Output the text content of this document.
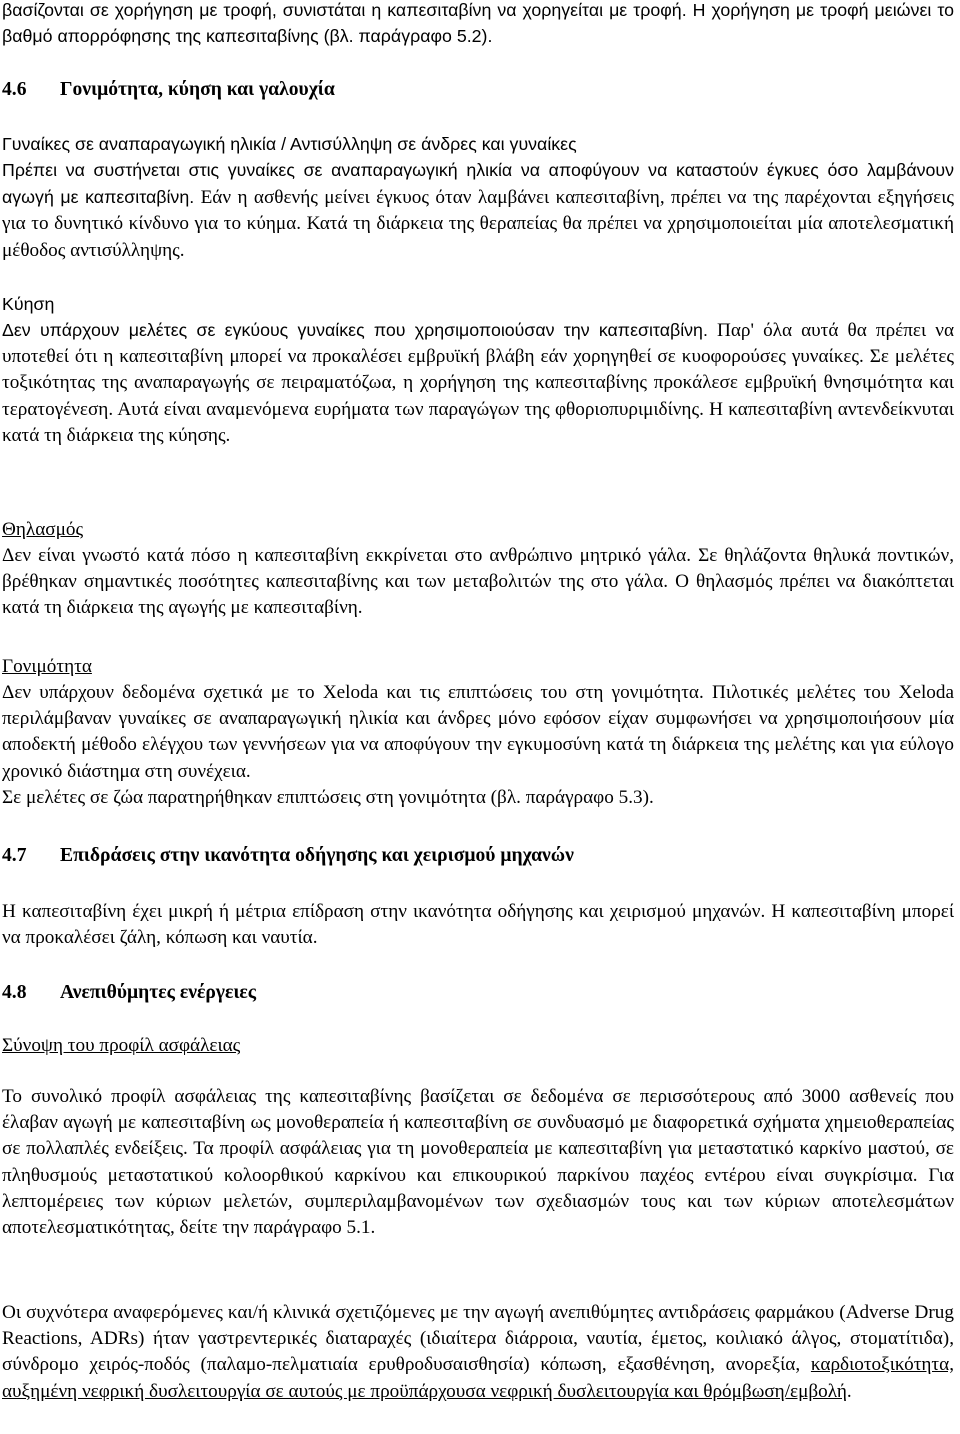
βασίζονται σε χορήγηση με τροφή, συνιστάται η καπεσιταβίνη να χορηγείται με τροφή. Η χορήγηση με τροφή μειώνει το βαθμό απορρόφησης της καπεσιταβίνης (βλ. παράγραφο 5.2).

4.6 Γονιμότητα, κύηση και γαλουχία
Γυναίκες σε αναπαραγωγική ηλικία / Αντισύλληψη σε άνδρες και γυναίκες

Πρέπει να συστήνεται στις γυναίκες σε αναπαραγωγική ηλικία να αποφύγουν να καταστούν έγκυες όσο λαμβάνουν αγωγή με καπεσιταβίνη. Εάν η ασθενής μείνει έγκυος όταν λαμβάνει καπεσιταβίνη, πρέπει να της παρέχονται εξηγήσεις για το δυνητικό κίνδυνο για το κύημα. Κατά τη διάρκεια της θεραπείας θα πρέπει να χρησιμοποιείται μία αποτελεσματική μέθοδος αντισύλληψης.

Κύηση

Δεν υπάρχουν μελέτες σε εγκύους γυναίκες που χρησιμοποιούσαν την καπεσιταβίνη. Παρ' όλα αυτά θα πρέπει να υποτεθεί ότι η καπεσιταβίνη μπορεί να προκαλέσει εμβρυϊκή βλάβη εάν χορηγηθεί σε κυοφορούσες γυναίκες. Σε μελέτες τοξικότητας της αναπαραγωγής σε πειραματόζωα, η χορήγηση της καπεσιταβίνης προκάλεσε εμβρυϊκή θνησιμότητα και τερατογένεση. Αυτά είναι αναμενόμενα ευρήματα των παραγώγων της φθοριοπυριμιδίνης. Η καπεσιταβίνη αντενδείκνυται κατά τη διάρκεια της κύησης.

Θηλασμός

Δεν είναι γνωστό κατά πόσο η καπεσιταβίνη εκκρίνεται στο ανθρώπινο μητρικό γάλα. Σε θηλάζοντα θηλυκά ποντικών, βρέθηκαν σημαντικές ποσότητες καπεσιταβίνης και των μεταβολιτών της στο γάλα. Ο θηλασμός πρέπει να διακόπτεται κατά τη διάρκεια της αγωγής με καπεσιταβίνη.

Γονιμότητα

Δεν υπάρχουν δεδομένα σχετικά με το Xeloda και τις επιπτώσεις του στη γονιμότητα. Πιλοτικές μελέτες του Xeloda περιλάμβαναν γυναίκες σε αναπαραγωγική ηλικία και άνδρες μόνο εφόσον είχαν συμφωνήσει να χρησιμοποιήσουν μία αποδεκτή μέθοδο ελέγχου των γεννήσεων για να αποφύγουν την εγκυμοσύνη κατά τη διάρκεια της μελέτης και για εύλογο χρονικό διάστημα στη συνέχεια.

Σε μελέτες σε ζώα παρατηρήθηκαν επιπτώσεις στη γονιμότητα (βλ. παράγραφο 5.3).

4.7 Επιδράσεις στην ικανότητα οδήγησης και χειρισμού μηχανών

Η καπεσιταβίνη έχει μικρή ή μέτρια επίδραση στην ικανότητα οδήγησης και χειρισμού μηχανών. Η καπεσιταβίνη μπορεί να προκαλέσει ζάλη, κόπωση και ναυτία.

4.8 Ανεπιθύμητες ενέργειες
Σύνοψη του προφίλ ασφάλειας

Το συνολικό προφίλ ασφάλειας της καπεσιταβίνης βασίζεται σε δεδομένα σε περισσότερους από 3000 ασθενείς που έλαβαν αγωγή με καπεσιταβίνη ως μονοθεραπεία ή καπεσιταβίνη σε συνδυασμό με διαφορετικά σχήματα χημειοθεραπείας σε πολλαπλές ενδείξεις. Τα προφίλ ασφάλειας για τη μονοθεραπεία με καπεσιταβίνη για μεταστατικό καρκίνο μαστού, σε πληθυσμούς μεταστατικού κολοορθικού καρκίνου και επικουρικού παρκίνου παχέος εντέρου είναι συγκρίσιμα. Για λεπτομέρειες των κύριων μελετών, συμπεριλαμβανομένων των σχεδιασμών τους και των κύριων αποτελεσμάτων αποτελεσματικότητας, δείτε την παράγραφο 5.1.

Οι συχνότερα αναφερόμενες και/ή κλινικά σχετιζόμενες με την αγωγή ανεπιθύμητες αντιδράσεις φαρμάκου (Adverse Drug Reactions, ADRs) ήταν γαστρεντερικές διαταραχές (ιδιαίτερα διάρροια, ναυτία, έμετος, κοιλιακό άλγος, στοματίτιδα), σύνδρομο χειρός-ποδός (παλαμο-πελματιαία ερυθροδυσαισθησία) κόπωση, εξασθένηση, ανορεξία, καρδιοτοξικότητα, αυξημένη νεφρική δυσλειτουργία σε αυτούς με προϋπάρχουσα νεφρική δυσλειτουργία και θρόμβωση/εμβολή.
